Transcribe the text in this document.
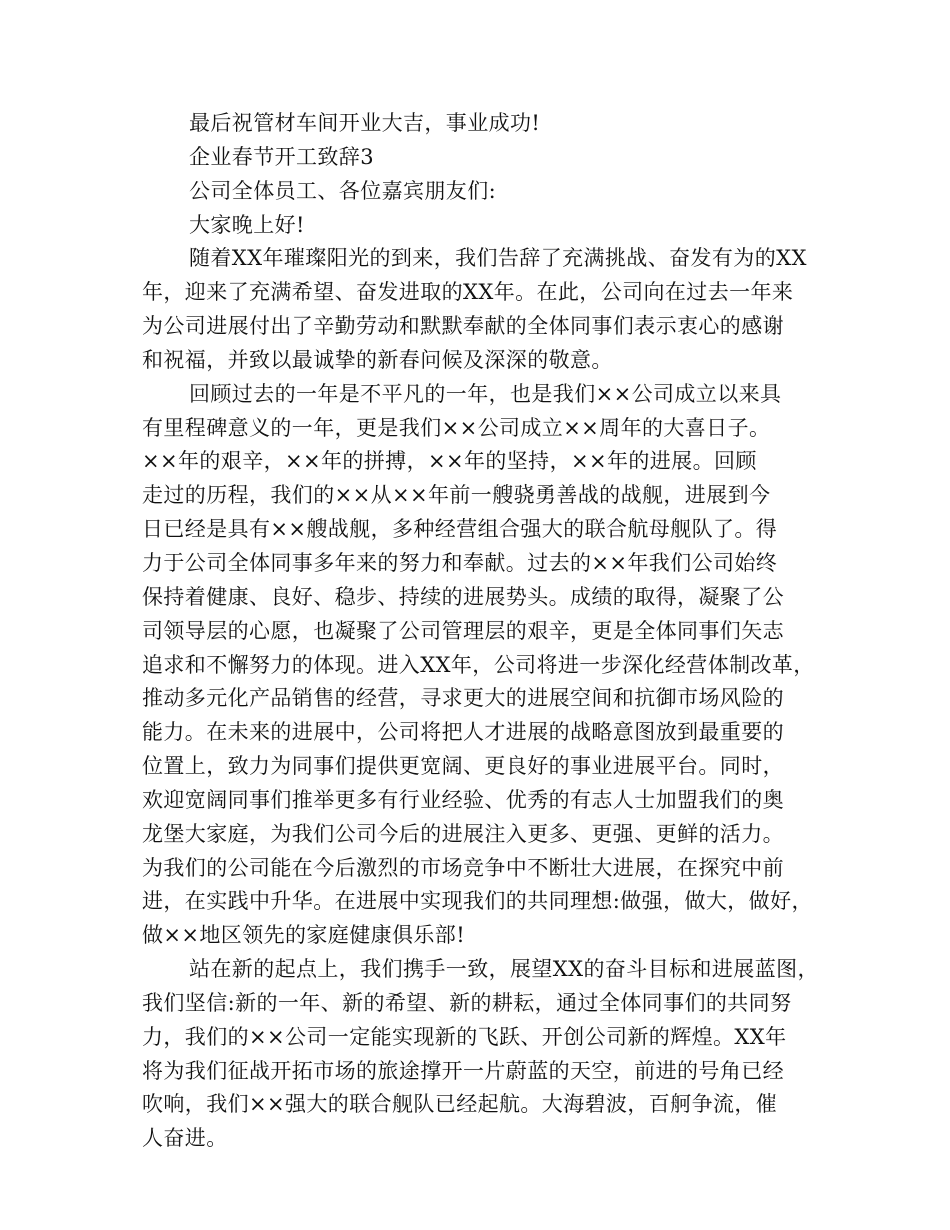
最后祝管材车间开业大吉，事业成功!
企业春节开工致辞3
公司全体员工、各位嘉宾朋友们:
大家晚上好!
随着XX年璀璨阳光的到来，我们告辞了充满挑战、奋发有为的XX
年，迎来了充满希望、奋发进取的XX年。在此，公司向在过去一年来
为公司进展付出了辛勤劳动和默默奉献的全体同事们表示衷心的感谢
和祝福，并致以最诚挚的新春问候及深深的敬意。
回顾过去的一年是不平凡的一年，也是我们××公司成立以来具
有里程碑意义的一年，更是我们××公司成立××周年的大喜日子。
××年的艰辛，××年的拼搏，××年的坚持，××年的进展。回顾
走过的历程，我们的××从××年前一艘骁勇善战的战舰，进展到今
日已经是具有××艘战舰，多种经营组合强大的联合航母舰队了。得
力于公司全体同事多年来的努力和奉献。过去的××年我们公司始终
保持着健康、良好、稳步、持续的进展势头。成绩的取得，凝聚了公
司领导层的心愿，也凝聚了公司管理层的艰辛，更是全体同事们矢志
追求和不懈努力的体现。进入XX年，公司将进一步深化经营体制改革，
推动多元化产品销售的经营，寻求更大的进展空间和抗御市场风险的
能力。在未来的进展中，公司将把人才进展的战略意图放到最重要的
位置上，致力为同事们提供更宽阔、更良好的事业进展平台。同时，
欢迎宽阔同事们推举更多有行业经验、优秀的有志人士加盟我们的奥
龙堡大家庭，为我们公司今后的进展注入更多、更强、更鲜的活力。
为我们的公司能在今后激烈的市场竞争中不断壮大进展，在探究中前
进，在实践中升华。在进展中实现我们的共同理想:做强，做大，做好，
做××地区领先的家庭健康俱乐部!
站在新的起点上，我们携手一致，展望XX的奋斗目标和进展蓝图，
我们坚信:新的一年、新的希望、新的耕耘，通过全体同事们的共同努
力，我们的××公司一定能实现新的飞跃、开创公司新的辉煌。XX年
将为我们征战开拓市场的旅途撑开一片蔚蓝的天空，前进的号角已经
吹响，我们××强大的联合舰队已经起航。大海碧波，百舸争流，催
人奋进。
